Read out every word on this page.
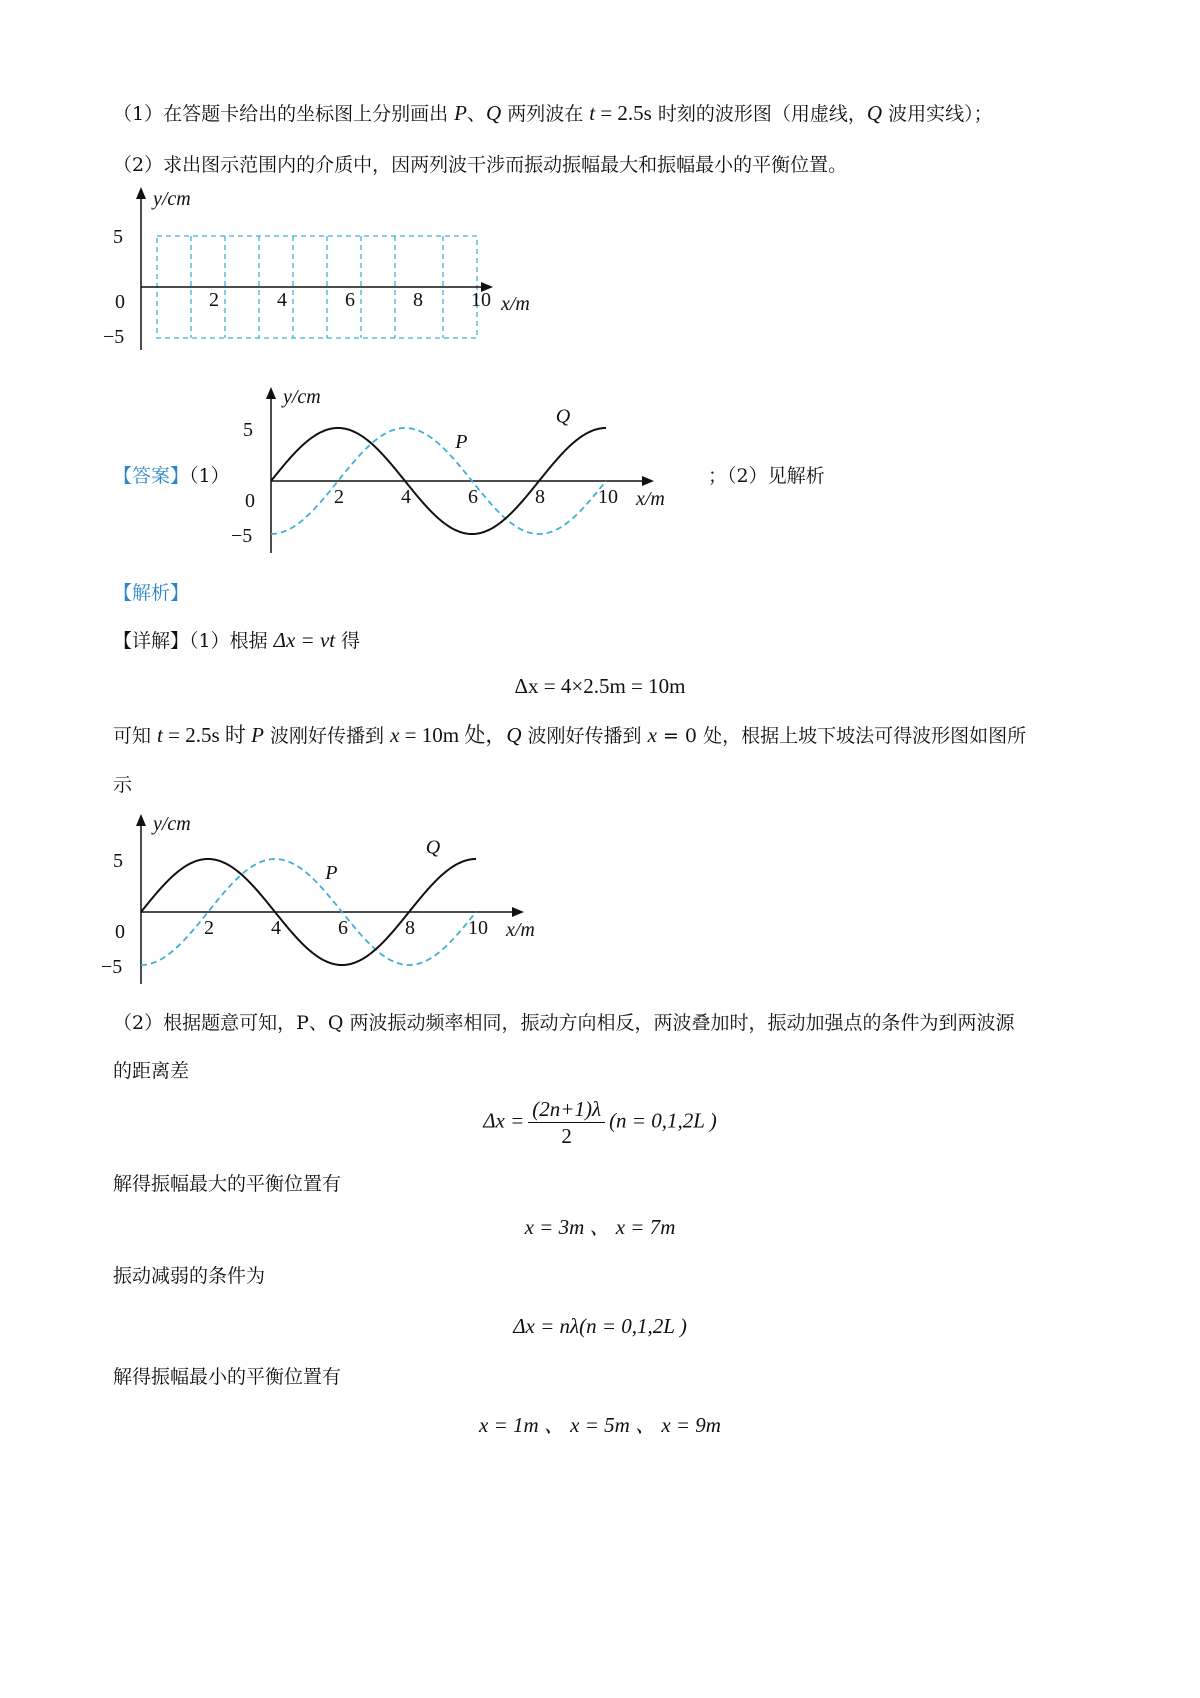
（1）在答题卡给出的坐标图上分别画出 P、Q 两列波在 t = 2.5s 时刻的波形图（用虚线，Q 波用实线）；
（2）求出图示范围内的介质中，因两列波干涉而振动振幅最大和振幅最小的平衡位置。
y/cm
5
0
−5
2	4	6	8 10 x/m
【答案】（1）	；（2）见解析
y/cm
5
0
−5
2	4	6	8	10 x/m
P
Q
【解析】
【详解】（1）根据 Δx = vt 得
Δx = 4×2.5m = 10m
可知 t = 2.5s 时 P 波刚好传播到 x = 10m 处，Q 波刚好传播到 x = 0 处，根据上坡下坡法可得波形图如图所
示
y/cm
5
0
−5
2	4	6	8	10 x/m
P
Q
（2）根据题意可知，P、Q 两波振动频率相同，振动方向相反，两波叠加时，振动加强点的条件为到两波源
的距离差
$\Delta x = \frac{(2n+1)\lambda}{2} (n = 0,1,2L$ )
解得振幅最大的平衡位置有
x = 3m 、 x = 7m
振动减弱的条件为
Δx = nλ(n = 0,1,2L )
解得振幅最小的平衡位置有
x = 1m 、 x = 5m 、 x = 9m
